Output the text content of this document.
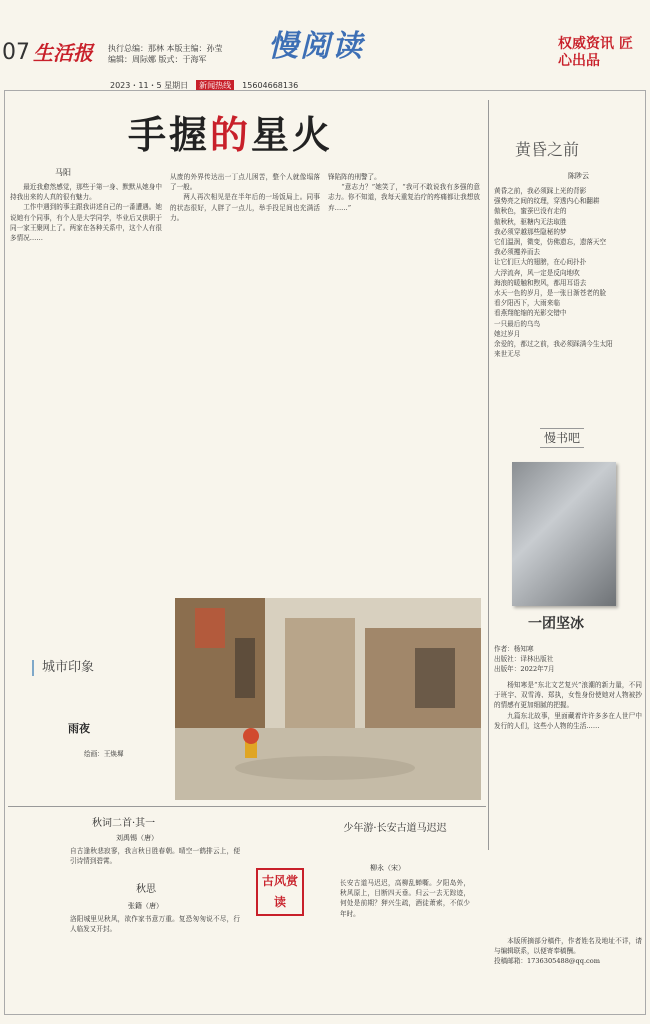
07 生活报 执行总编：那林 本版主编：孙莹
编辑：周际娜 版式：于海军 慢阅读	权威资讯 匠心出品
2023・11・5 星期日	新闻热线	15604668136
手握的星火
马阳

最近我愈然感觉，那些于第一身、默默从她身中持我出来的人真的很有魅力。

工作中遇到的事主跟我讲述自己的一番遭遇。她说她有个同事，有个人是大学同学，毕业后又供职于同一家王聚网上了。两家在各种关系中，这个人有很多情况……

从废的外界传达出一丁点儿困苦，整个人就像塌落了一般。

两人再次相见是在半年后的一场饭局上。同事的状态很好，人胖了一点儿，举手投足间也充满活力。

锋陷阵的刑警了。

“意志力？”她笑了，“我可不敢说我有多强的意志力。你不知道，我每天重复治疗的疼痛都让我想放弃……”

黄昏之前
陈陟云
黄昏之前，我必须踩上光的背影
强势亮之间的纹理，穿透内心和翻耕
傲秋色，蜜蚕巴没有走的
傲秋秋，驱糖内无法取胜
我必须穿越那些隐秘的梦
它们温润，微变，仿佛遗忘，遗落天空
我必须攫养而去
让它们巨大的翅膀，在心间扑扑
大浮流奔，风一定是反向地吹
海浪的暖触和煦风，都用耳语去
水天一色的岁月，是一张日渐苍老的脸
看夕阳西下，大雨来临
看燕翔舵缩的光影交错中
一只最后的乌鸟
她过岁月
余爱的，都过之前，我必须踩满今生太阳
来世无尽
慢书吧
一团坚冰
作者：杨知寒
出版社：译林出版社
出版年：2022年7月

杨知寒是“东北文艺复兴”浪潮的新力量，不同于班宇、双雪涛、郑执，女性身份使她对人物被抄的情感有更加细腻的把握。

九篇东北故事，里面藏着许许多多在人世尸中发行的人们，这些小人物的生活……

本版所摘部分稿件，作者姓名及地址不详，请与编辑联系，以便寄奉稿酬。

投稿邮箱：1736305488@qq.com

城市印象
雨夜
绘画：王焕墀
秋词二首·其一
刘禹锡（唐）
自古逢秋悲寂寥，我言秋日胜春朝。晴空一鹤排云上，便引诗情到碧霄。
秋思
张籍（唐）
洛阳城里见秋风，欲作家书意万重。复恐匆匆说不尽，行人临发又开封。
古风赏读
少年游·长安古道马迟迟
柳永（宋）
长安古道马迟迟，高柳乱蝉嘶。夕阳岛外，秋风原上，目断四天垂。归云一去无踪迹，何处是前期？狎兴生疏，酒徒萧索，不似少年时。
